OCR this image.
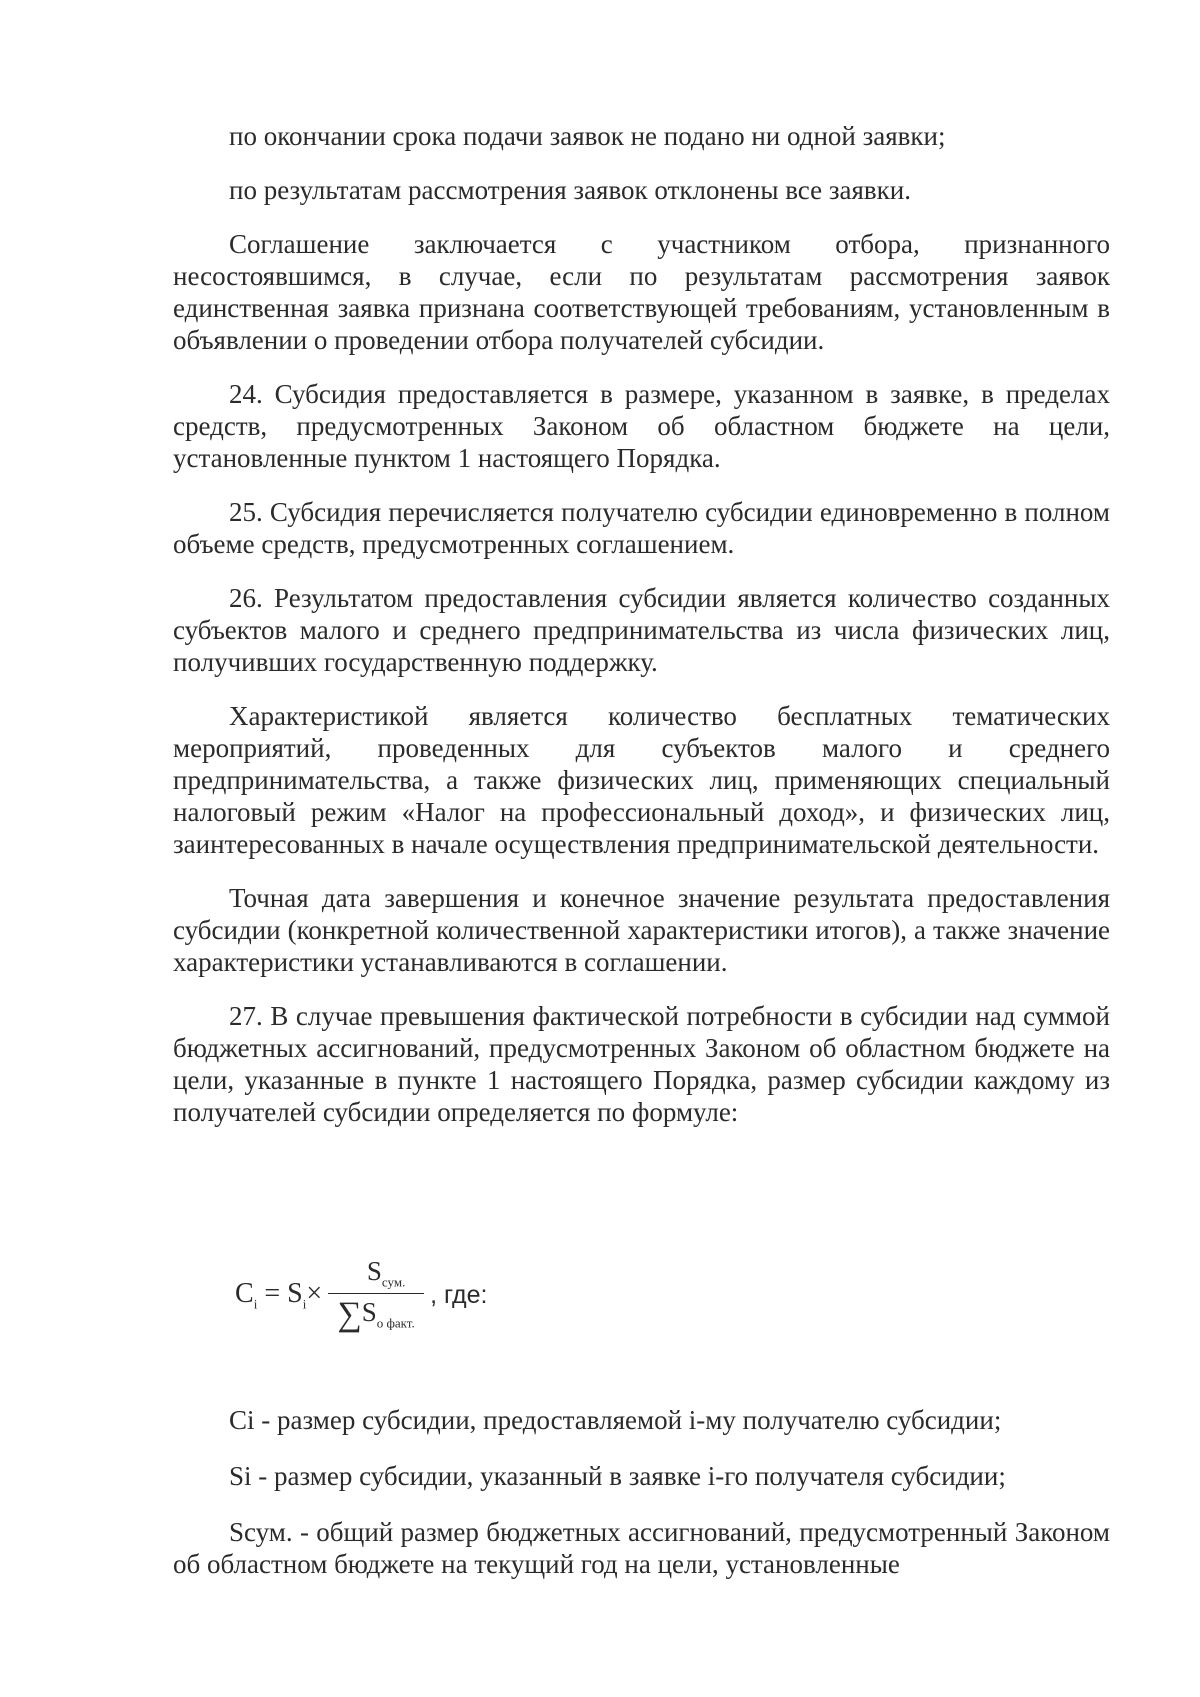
по окончании срока подачи заявок не подано ни одной заявки;

по результатам рассмотрения заявок отклонены все заявки.

Соглашение заключается с участником отбора, признанного несостоявшимся, в случае, если по результатам рассмотрения заявок единственная заявка признана соответствующей требованиям, установленным в объявлении о проведении отбора получателей субсидии.

24. Субсидия предоставляется в размере, указанном в заявке, в пределах средств, предусмотренных Законом об областном бюджете на цели, установленные пунктом 1 настоящего Порядка.

25. Субсидия перечисляется получателю субсидии единовременно в полном объеме средств, предусмотренных соглашением.

26. Результатом предоставления субсидии является количество созданных субъектов малого и среднего предпринимательства из числа физических лиц, получивших государственную поддержку.

Характеристикой является количество бесплатных тематических мероприятий, проведенных для субъектов малого и среднего предпринимательства, а также физических лиц, применяющих специальный налоговый режим «Налог на профессиональный доход», и физических лиц, заинтересованных в начале осуществления предпринимательской деятельности.

Точная дата завершения и конечное значение результата предоставления субсидии (конкретной количественной характеристики итогов), а также значение характеристики устанавливаются в соглашении.

27. В случае превышения фактической потребности в субсидии над суммой бюджетных ассигнований, предусмотренных Законом об областном бюджете на цели, указанные в пункте 1 настоящего Порядка, размер субсидии каждому из получателей субсидии определяется по формуле:

$C_i = S_i\times \frac{S_{сум.}}{\sum S_{о факт.}}$ , где:

Ci - размер субсидии, предоставляемой i-му получателю субсидии;

Si - размер субсидии, указанный в заявке i-го получателя субсидии;

Sсум. - общий размер бюджетных ассигнований, предусмотренный Законом об областном бюджете на текущий год на цели, установленные
